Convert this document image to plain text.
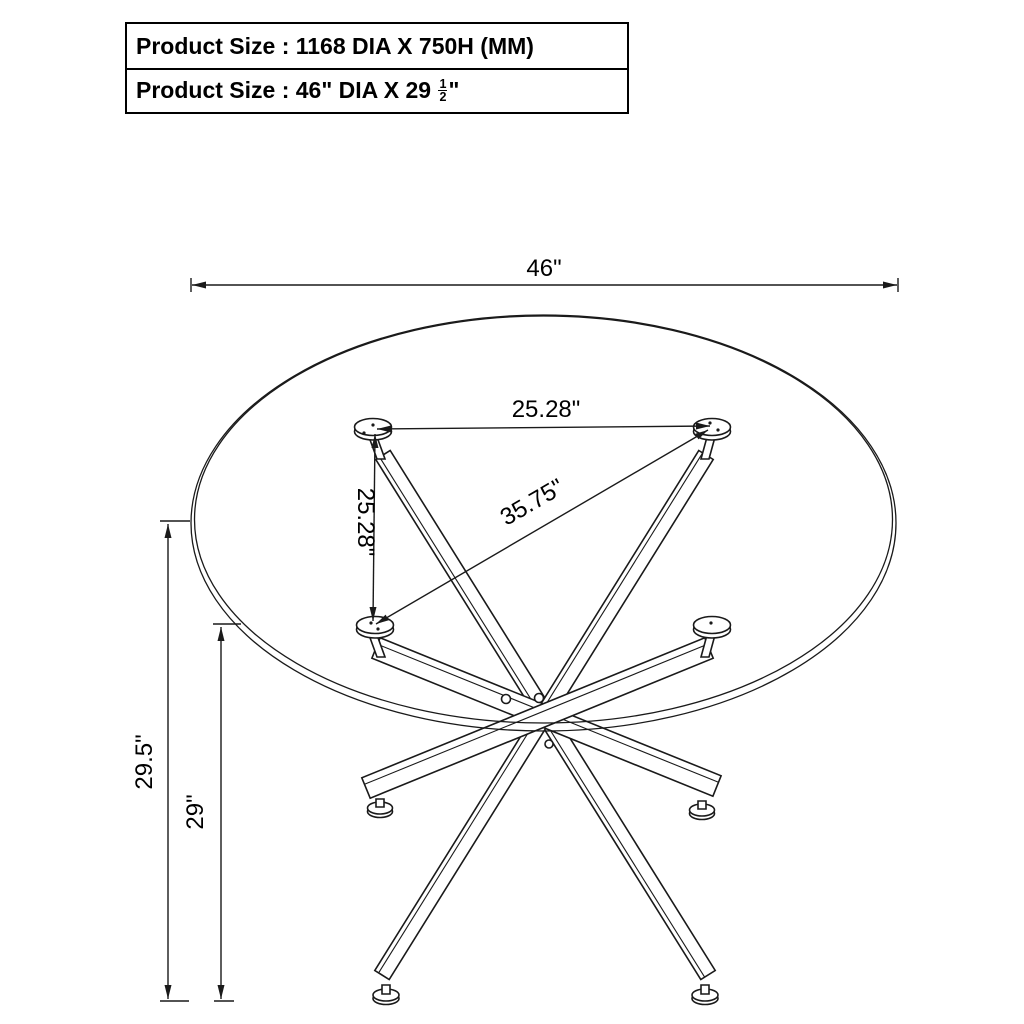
46"
25.28"
25.28"	35.75"
29.5"
29"
Product Size : 1168 DIA X 750H (MM)
Product Size : 46" DIA X $29 \frac{1}{2}$ "
